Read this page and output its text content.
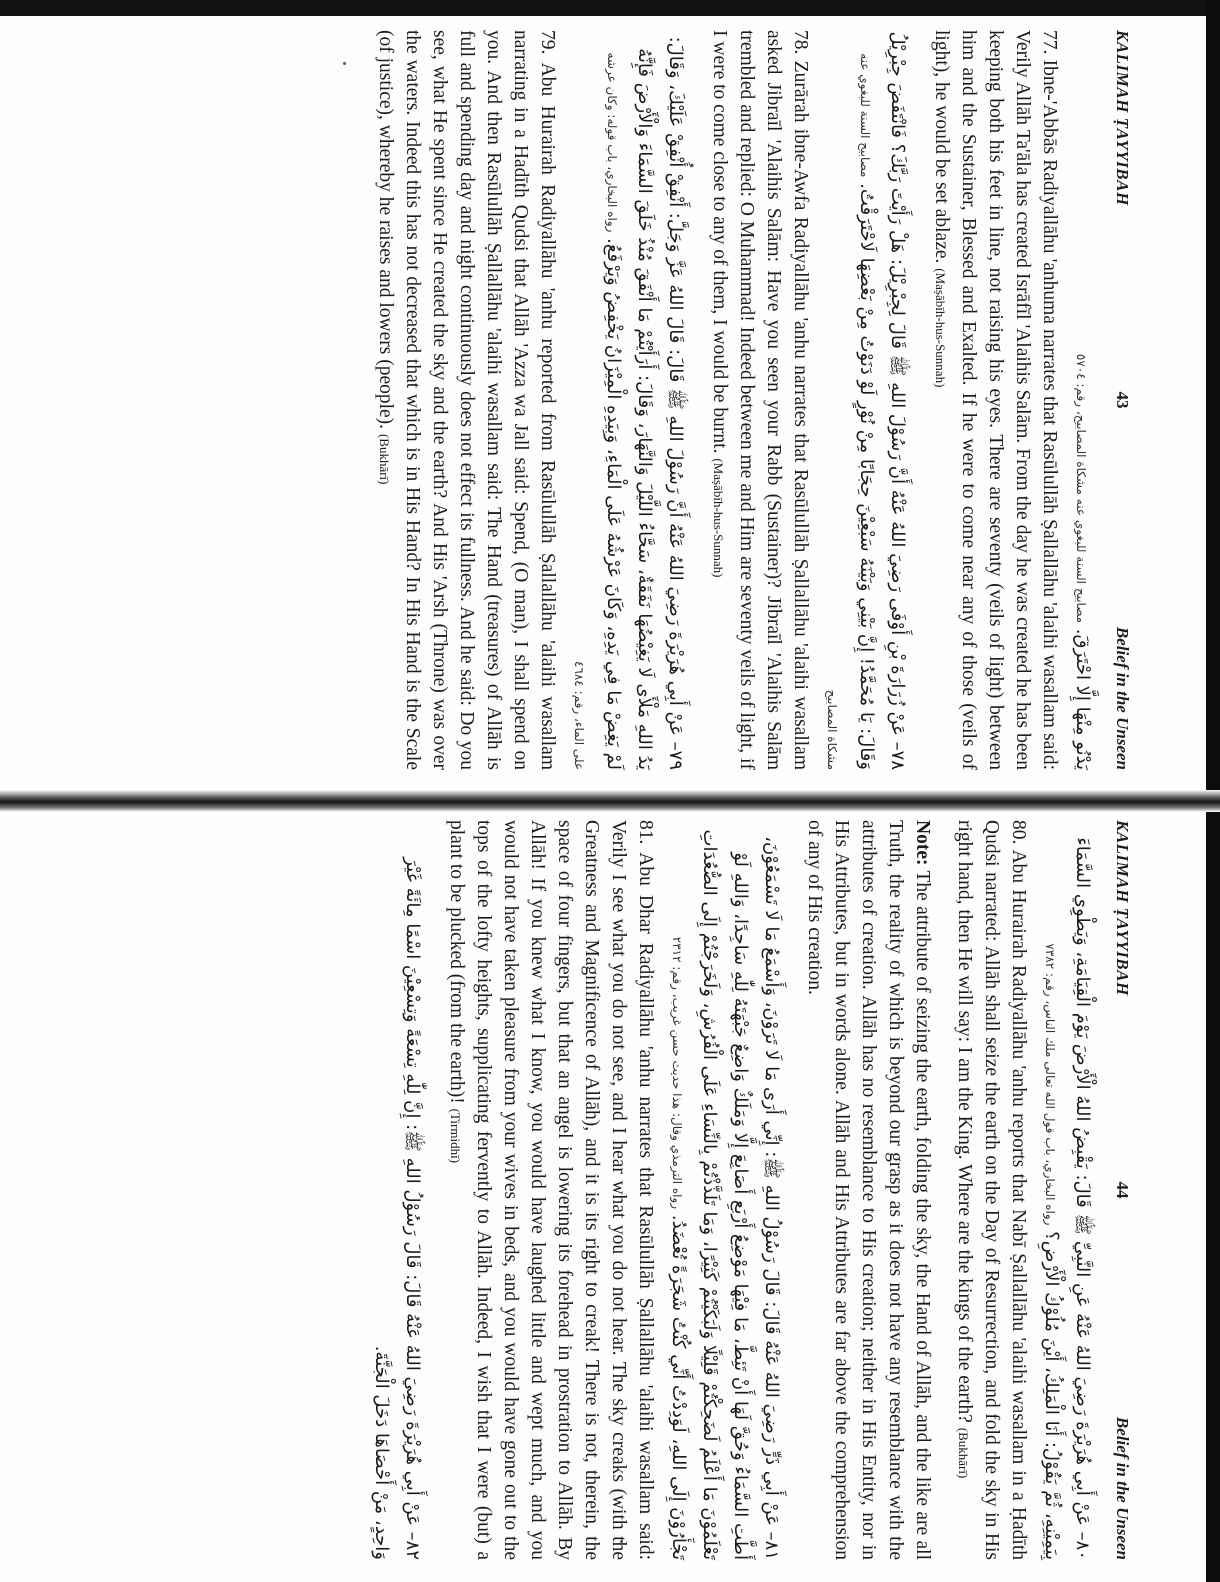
KALIMAH ṬAYYIBAH
43
Belief in the Unseen

يَدْنُو مِنْهَا إِلَّا احْتَرَقَ. مصابيح السنة للبغوي عنه مشكاة المصابيح، رقم: ٥٧٠٤

77. Ibne-'Abbās Radiyallāhu 'anhuma narrates that Rasūlullāh Ṣallallāhu 'alaihi wasallam said: Verily Allāh Ta'āla has created Isrāfīl 'Alaihis Salām. From the day he was created he has been keeping both his feet in line, not raising his eyes. There are seventy (veils of light) between him and the Sustainer, Blessed and Exalted. If he were to come near any of those (veils of light), he would be set ablaze. (Maṣābīh-hus-Sunnah)

٧٨– عَنْ زُرَارَةَ بْنِ أَوْفَى رَضِيَ اللهُ عَنْهُ أَنَّ رَسُوْلَ اللهِ ﷺ قَالَ لِجِبْرِيْلَ: هَلْ رَأَيْتَ رَبَّكَ؟ فَانْتَفَضَ جِبْرِيْلُ وَقَالَ: يَا مُحَمَّدُ! إِنَّ بَيْنِي وَبَيْنَهُ سَبْعِيْنَ حِجَابًا مِنْ نُوْرٍ لَوْ دَنَوْتُ مِنْ بَعْضِهَا لَاحْتَرَقْتُ. مصابيح السنة للبغوي عنه مشكاة المصابيح

78. Zurārah ibne-Awfa Radiyallāhu 'anhu narrates that Rasūlullāh Ṣallallāhu 'alaihi wasallam asked Jibraīl 'Alaihis Salām: Have you seen your Rabb (Sustainer)? Jibraīl 'Alaihis Salām trembled and replied: O Muhammad! Indeed between me and Him are seventy veils of light, if I were to come close to any of them, I would be burnt. (Maṣābīh-hus-Sunnah)

٧٩– عَنْ أَبِي هُرَيْرَةَ رَضِيَ اللهُ عَنْهُ أَنَّ رَسُوْلَ اللهِ ﷺ قَالَ: قَالَ اللهُ عَزَّ وَجَلَّ: أَنْفِقْ أُنْفِقْ عَلَيْكَ، وَقَالَ: يَدُ اللهِ مَلْأَى لَا يَغِيْضُهَا نَفَقَةٌ، سَحَّاءُ اللَّيْلَ وَالنَّهَارَ، وَقَالَ: أَرَأَيْتُمْ مَا أَنْفَقَ مُنْذُ خَلَقَ السَّمَاءَ وَالْأَرْضَ فَإِنَّهُ لَمْ يَغِضْ مَا فِي يَدِهِ، وَكَانَ عَرْشُهُ عَلَى الْمَاءِ، وَبِيَدِهِ الْمِيْزَانُ يَخْفِضُ وَيَرْفَعُ. رواه البخاري، باب قوله: وكان عرشه على الماء، رقم: ٤٦٨٤

79. Abu Hurairah Radiyallāhu 'anhu reported from Rasūlullāh Ṣallallāhu 'alaihi wasallam narrating in a Hadīth Qudsi that Allāh 'Azza wa Jall said: Spend, (O man), I shall spend on you. And then Rasūlullāh Ṣallallāhu 'alaihi wasallam said: The Hand (treasures) of Allāh is full and spending day and night continuously does not effect its fullness. And he said: Do you see, what He spent since He created the sky and the earth? And His 'Arsh (Throne) was over the waters. Indeed this has not decreased that which is in His Hand? In His Hand is the Scale (of justice), whereby he raises and lowers (people). (Bukhārī)

KALIMAH ṬAYYIBAH
44
Belief in the Unseen

٨٠– عَنْ أَبِي هُرَيْرَةَ رَضِيَ اللهُ عَنْهُ عَنِ النَّبِيِّ ﷺ قَالَ: يَقْبِضُ اللهُ الْأَرْضَ يَوْمَ الْقِيَامَةِ، وَيَطْوِي السَّمَاءَ بِيَمِيْنِهِ، ثُمَّ يَقُوْلُ: أَنَا الْمَلِكُ، أَيْنَ مُلُوْكُ الْأَرْضِ؟ رواه البخاري، باب قول الله تعالى ملك الناس، رقم: ٧٣٨٢

80. Abu Hurairah Radiyallāhu 'anhu reports that Nabī Ṣallallāhu 'alaihi wasallam in a Ḥadīth Qudsi narrated: Allāh shall seize the earth on the Day of Resurrection, and fold the sky in His right hand, then He will say: I am the King. Where are the kings of the earth? (Bukhārī)

Note: The attribute of seizing the earth, folding the sky, the Hand of Allāh, and the like are all Truth, the reality of which is beyond our grasp as it does not have any resemblance with the attributes of creation. Allāh has no resemblance to His creation; neither in His Entity, nor in His Attributes, but in words alone. Allāh and His Attributes are far above the comprehension of any of His creation.

٨١– عَنْ أَبِي ذَرٍّ رَضِيَ اللهُ عَنْهُ قَالَ: قَالَ رَسُوْلُ اللهِ ﷺ: إِنِّي أَرَى مَا لَا تَرَوْنَ، وَأَسْمَعُ مَا لَا تَسْمَعُوْنَ، أَطَّتِ السَّمَاءُ وَحُقَّ لَهَا أَنْ تَئِطَّ، مَا فِيْهَا مَوْضِعُ أَرْبَعِ أَصَابِعَ إِلَّا وَمَلَكٌ وَاضِعٌ جَبْهَتَهُ لِلّٰهِ سَاجِدًا، وَاللهِ لَوْ تَعْلَمُوْنَ مَا أَعْلَمُ لَضَحِكْتُمْ قَلِيْلًا وَلَبَكَيْتُمْ كَثِيْرًا، وَمَا تَلَذَّذْتُمْ بِالنِّسَاءِ عَلَى الْفُرُشِ، وَلَخَرَجْتُمْ إِلَى الصُّعُدَاتِ تَجْأَرُوْنَ إِلَى اللهِ، لَوَدِدْتُ أَنِّي كُنْتُ شَجَرَةً تُعْضَدُ. رواه الترمذي وقال: هذا حديث حسن غريب، رقم: ٢٣١٢

81. Abu Dhar Radiyallāhu 'anhu narrates that Rasūlullāh Ṣallallāhu 'alaihi wasallam said: Verily I see what you do not see, and I hear what you do not hear. The sky creaks (with the Greatness and Magnificence of Allāh), and it is its right to creak! There is not, therein, the space of four fingers, but that an angel is lowering its forehead in prostration to Allāh. By Allāh! If you knew what I know, you would have laughed little and wept much, and you would not have taken pleasure from your wives in beds, and you would have gone out to the tops of the lofty heights, supplicating fervently to Allāh. Indeed, I wish that I were (but) a plant to be plucked (from the earth)! (Tirmidhī)

٨٢– عَنْ أَبِي هُرَيْرَةَ رَضِيَ اللهُ عَنْهُ قَالَ: قَالَ رَسُوْلُ اللهِ ﷺ: إِنَّ لِلّٰهِ تِسْعَةً وَتِسْعِيْنَ اسْمًا مِائَةً غَيْرَ وَاحِدٍ، مَنْ أَحْصَاهَا دَخَلَ الْجَنَّةَ.
